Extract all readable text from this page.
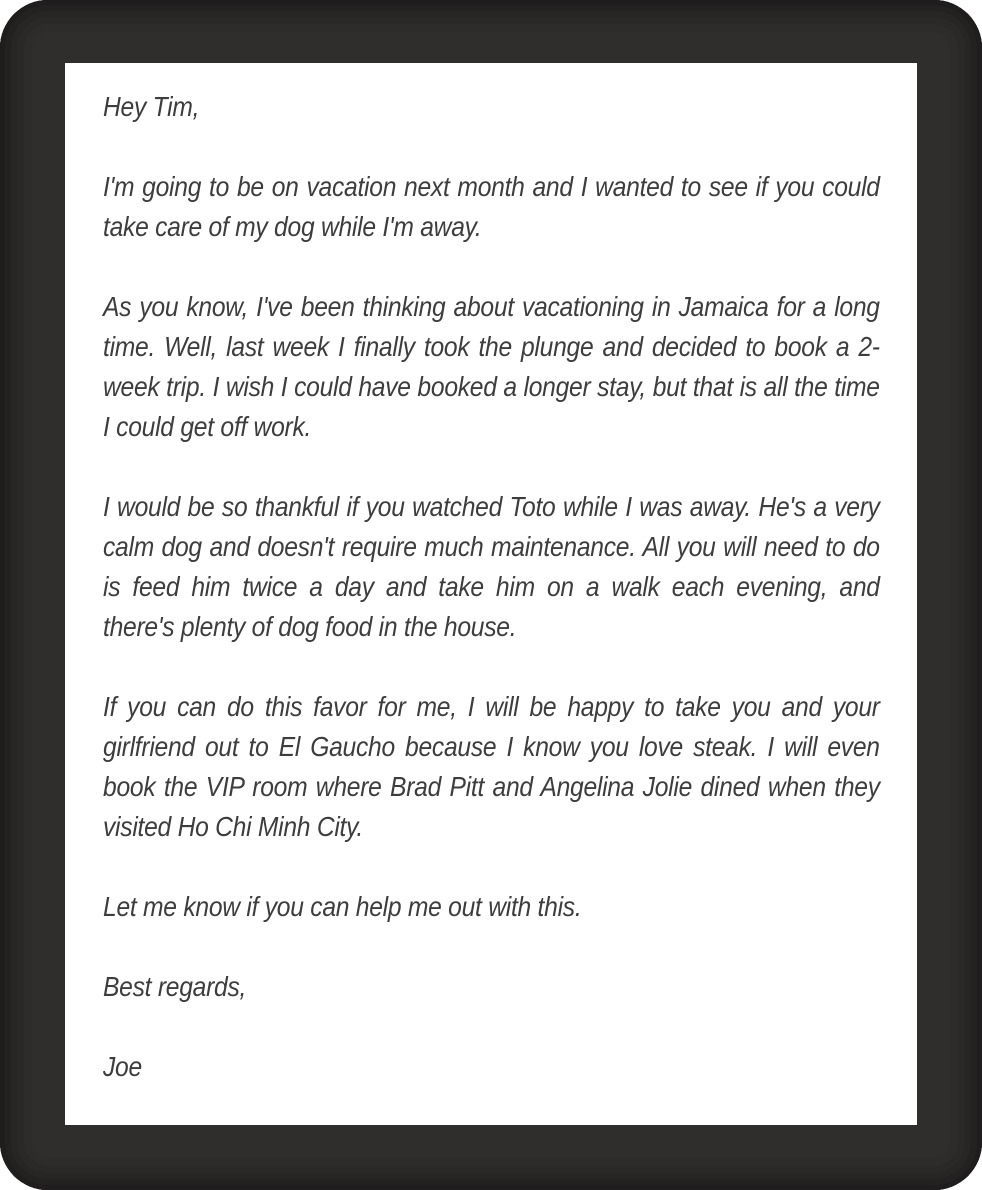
Hey Tim,

I'm going to be on vacation next month and I wanted to see if you could take care of my dog while I'm away.

As you know, I've been thinking about vacationing in Jamaica for a long time. Well, last week I finally took the plunge and decided to book a 2-week trip. I wish I could have booked a longer stay, but that is all the time I could get off work.

I would be so thankful if you watched Toto while I was away. He's a very calm dog and doesn't require much maintenance. All you will need to do is feed him twice a day and take him on a walk each evening, and there's plenty of dog food in the house.

If you can do this favor for me, I will be happy to take you and your girlfriend out to El Gaucho because I know you love steak. I will even book the VIP room where Brad Pitt and Angelina Jolie dined when they visited Ho Chi Minh City.

Let me know if you can help me out with this.

Best regards,

Joe
